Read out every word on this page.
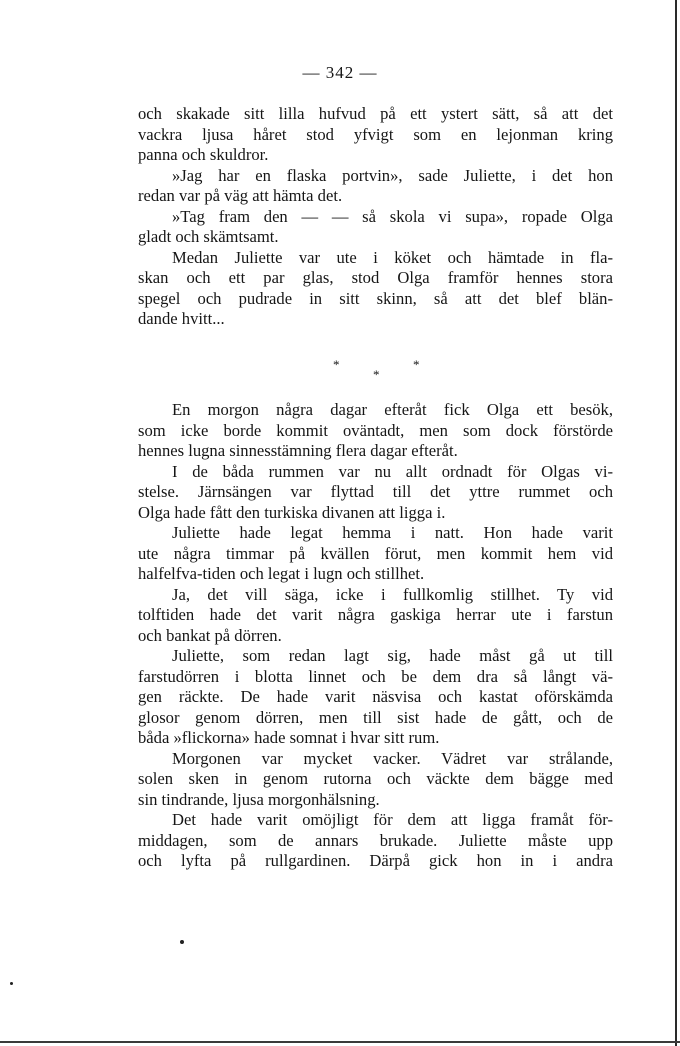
— 342 —
och skakade sitt lilla hufvud på ett ystert sätt, så att det
vackra ljusa håret stod yfvigt som en lejonman kring
panna och skuldror.
»Jag har en flaska portvin», sade Juliette, i det hon
redan var på väg att hämta det.
»Tag fram den — — så skola vi supa», ropade Olga
gladt och skämtsamt.
Medan Juliette var ute i köket och hämtade in fla-
skan och ett par glas, stod Olga framför hennes stora
spegel och pudrade in sitt skinn, så att det blef blän-
dande hvitt...
*	*
*
En morgon några dagar efteråt fick Olga ett besök,
som icke borde kommit oväntadt, men som dock förstörde
hennes lugna sinnesstämning flera dagar efteråt.
I de båda rummen var nu allt ordnadt för Olgas vi-
stelse. Järnsängen var flyttad till det yttre rummet och
Olga hade fått den turkiska divanen att ligga i.
Juliette hade legat hemma i natt. Hon hade varit
ute några timmar på kvällen förut, men kommit hem vid
halfelfva-tiden och legat i lugn och stillhet.
Ja, det vill säga, icke i fullkomlig stillhet. Ty vid
tolftiden hade det varit några gaskiga herrar ute i farstun
och bankat på dörren.
Juliette, som redan lagt sig, hade måst gå ut till
farstudörren i blotta linnet och be dem dra så långt vä-
gen räckte. De hade varit näsvisa och kastat oförskämda
glosor genom dörren, men till sist hade de gått, och de
båda »flickorna» hade somnat i hvar sitt rum.
Morgonen var mycket vacker. Vädret var strålande,
solen sken in genom rutorna och väckte dem bägge med
sin tindrande, ljusa morgonhälsning.
Det hade varit omöjligt för dem att ligga framåt för-
middagen, som de annars brukade. Juliette måste upp
och lyfta på rullgardinen. Därpå gick hon in i andra
